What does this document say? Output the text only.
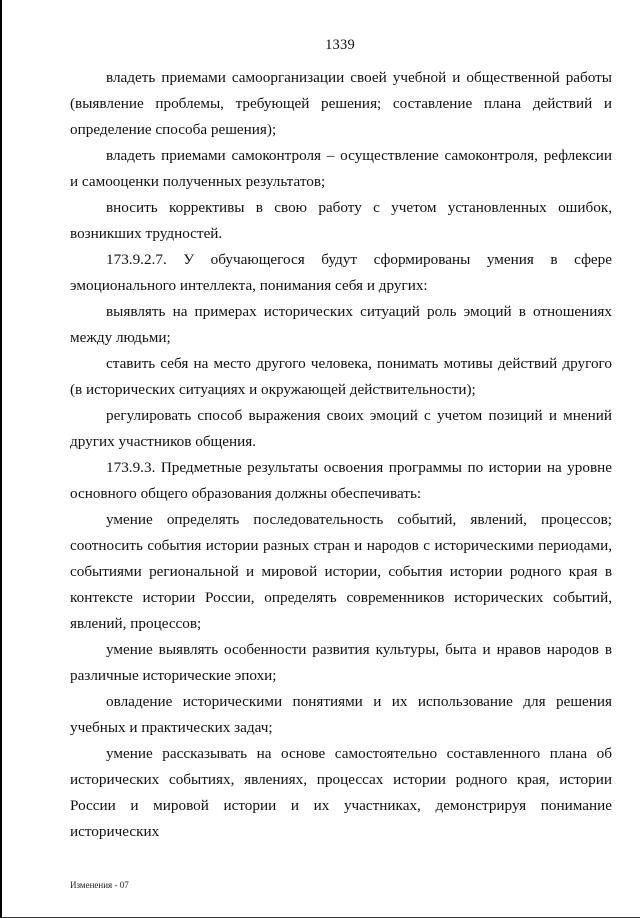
1339

владеть приемами самоорганизации своей учебной и общественной работы (выявление проблемы, требующей решения; составление плана действий и определение способа решения);

владеть приемами самоконтроля – осуществление самоконтроля, рефлексии и самооценки полученных результатов;

вносить коррективы в свою работу с учетом установленных ошибок, возникших трудностей.

173.9.2.7. У обучающегося будут сформированы умения в сфере эмоционального интеллекта, понимания себя и других:

выявлять на примерах исторических ситуаций роль эмоций в отношениях между людьми;

ставить себя на место другого человека, понимать мотивы действий другого (в исторических ситуациях и окружающей действительности);

регулировать способ выражения своих эмоций с учетом позиций и мнений других участников общения.

173.9.3. Предметные результаты освоения программы по истории на уровне основного общего образования должны обеспечивать:

умение определять последовательность событий, явлений, процессов; соотносить события истории разных стран и народов с историческими периодами, событиями региональной и мировой истории, события истории родного края в контексте истории России, определять современников исторических событий, явлений, процессов;

умение выявлять особенности развития культуры, быта и нравов народов в различные исторические эпохи;

овладение историческими понятиями и их использование для решения учебных и практических задач;

умение рассказывать на основе самостоятельно составленного плана об исторических событиях, явлениях, процессах истории родного края, истории России и мировой истории и их участниках, демонстрируя понимание исторических

Изменения - 07
